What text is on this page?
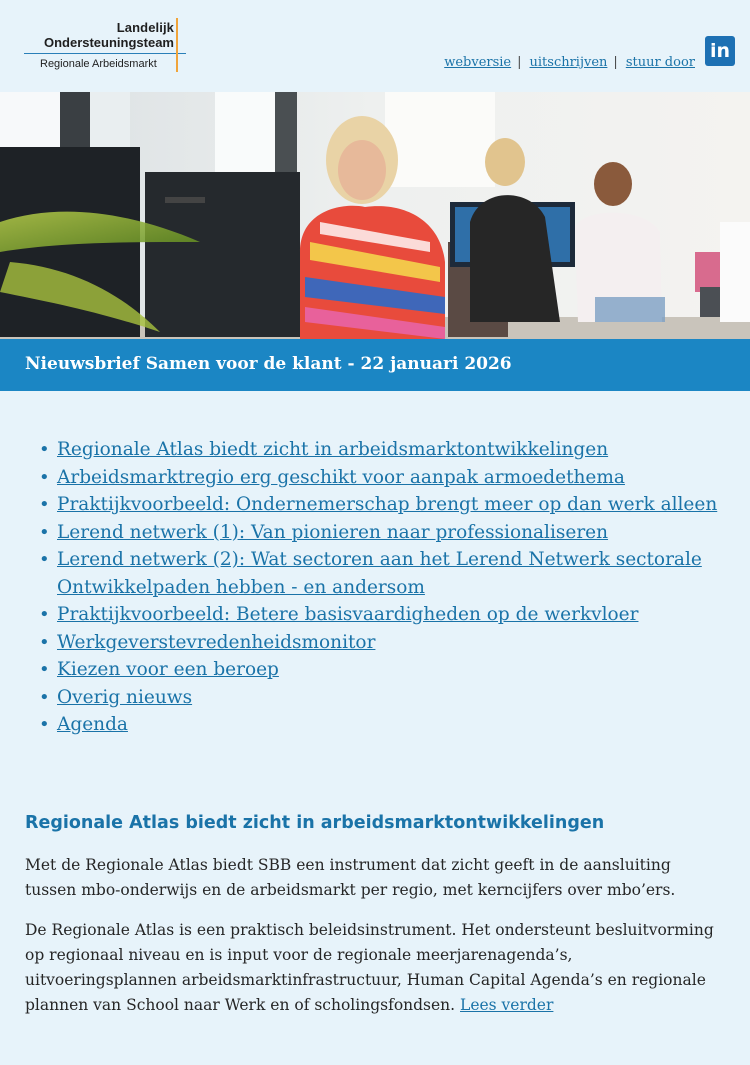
Landelijk
Ondersteuningsteam
Regionale Arbeidsmarkt	webversie | uitschrijven | stuur door
in
Nieuwsbrief Samen voor de klant - 22 januari 2026
• Regionale Atlas biedt zicht in arbeidsmarktontwikkelingen
• Arbeidsmarktregio erg geschikt voor aanpak armoedethema
• Praktijkvoorbeeld: Ondernemerschap brengt meer op dan werk alleen
• Lerend netwerk (1): Van pionieren naar professionaliseren
• Lerend netwerk (2): Wat sectoren aan het Lerend Netwerk sectorale Ontwikkelpaden hebben - en andersom
• Praktijkvoorbeeld: Betere basisvaardigheden op de werkvloer
• Werkgeverstevredenheidsmonitor
• Kiezen voor een beroep
• Overig nieuws
• Agenda
Regionale Atlas biedt zicht in arbeidsmarktontwikkelingen

Met de Regionale Atlas biedt SBB een instrument dat zicht geeft in de aansluiting tussen mbo-onderwijs en de arbeidsmarkt per regio, met kerncijfers over mbo’ers.

De Regionale Atlas is een praktisch beleidsinstrument. Het ondersteunt besluitvorming op regionaal niveau en is input voor de regionale meerjarenagenda’s, uitvoeringsplannen arbeidsmarktinfrastructuur, Human Capital Agenda’s en regionale plannen van School naar Werk en of scholingsfondsen. Lees verder
